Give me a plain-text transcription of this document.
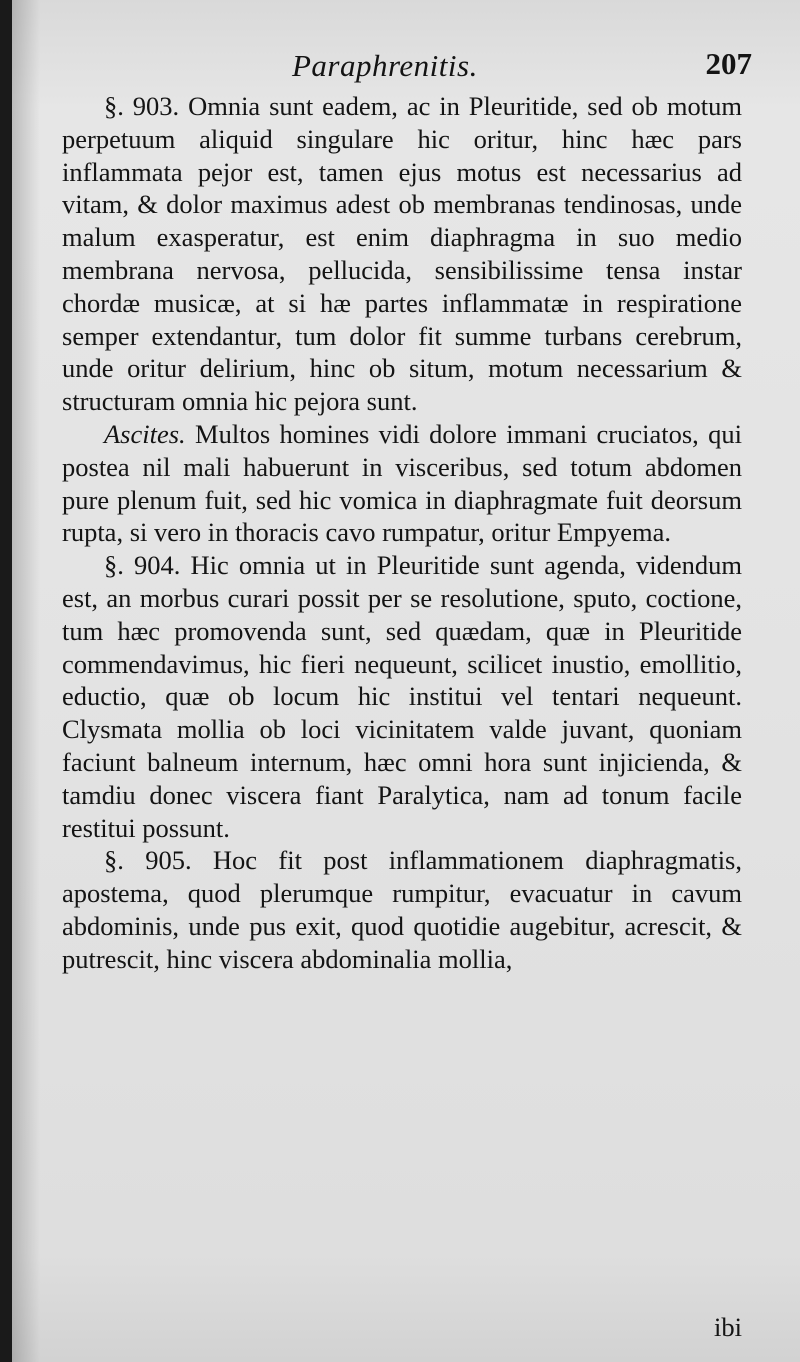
Paraphrenitis.	207

§. 903. Omnia sunt eadem, ac in Pleuritide, sed ob motum perpetuum aliquid singulare hic oritur, hinc hæc pars inflammata pejor est, tamen ejus motus est necessarius ad vitam, & dolor maximus adest ob membranas tendinosas, unde malum exasperatur, est enim diaphragma in suo medio membrana nervosa, pellucida, sensibilissime tensa instar chordæ musicæ, at si hæ partes inflammatæ in respiratione semper extendantur, tum dolor fit summe turbans cerebrum, unde oritur delirium, hinc ob situm, motum necessarium & structuram omnia hic pejora sunt.

Ascites. Multos homines vidi dolore immani cruciatos, qui postea nil mali habuerunt in visceribus, sed totum abdomen pure plenum fuit, sed hic vomica in diaphragmate fuit deorsum rupta, si vero in thoracis cavo rumpatur, oritur Empyema.

§. 904. Hic omnia ut in Pleuritide sunt agenda, videndum est, an morbus curari possit per se resolutione, sputo, coctione, tum hæc promovenda sunt, sed quædam, quæ in Pleuritide commendavimus, hic fieri nequeunt, scilicet inustio, emollitio, eductio, quæ ob locum hic institui vel tentari nequeunt. Clysmata mollia ob loci vicinitatem valde juvant, quoniam faciunt balneum internum, hæc omni hora sunt injicienda, & tamdiu donec viscera fiant Paralytica, nam ad tonum facile restitui possunt.

§. 905. Hoc fit post inflammationem diaphragmatis, apostema, quod plerumque rumpitur, evacuatur in cavum abdominis, unde pus exit, quod quotidie augebitur, acrescit, & putrescit, hinc viscera abdominalia mollia,

ibi
